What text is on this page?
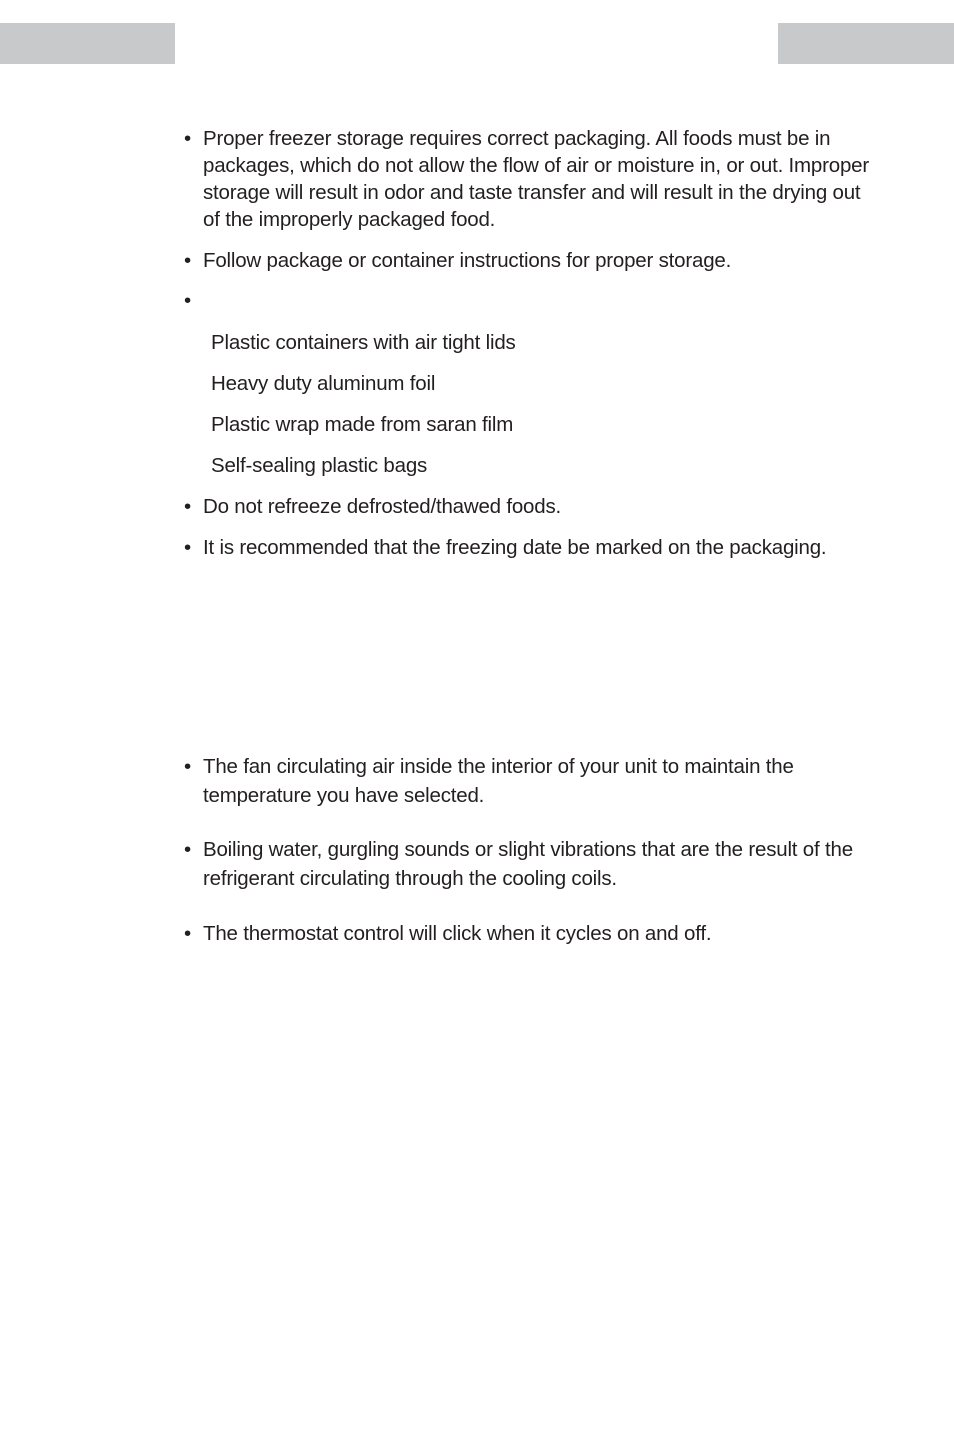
• Proper freezer storage requires correct packaging. All foods must be in packages, which do not allow the flow of air or moisture in, or out. Improper storage will result in odor and taste transfer and will result in the drying out of the improperly packaged food.
• Follow package or container instructions for proper storage.
•
Plastic containers with air tight lids
Heavy duty aluminum foil
Plastic wrap made from saran film
Self-sealing plastic bags
• Do not refreeze defrosted/thawed foods.
• It is recommended that the freezing date be marked on the packaging.
• The fan circulating air inside the interior of your unit to maintain the temperature you have selected.
• Boiling water, gurgling sounds or slight vibrations that are the result of the refrigerant circulating through the cooling coils.
• The thermostat control will click when it cycles on and off.
